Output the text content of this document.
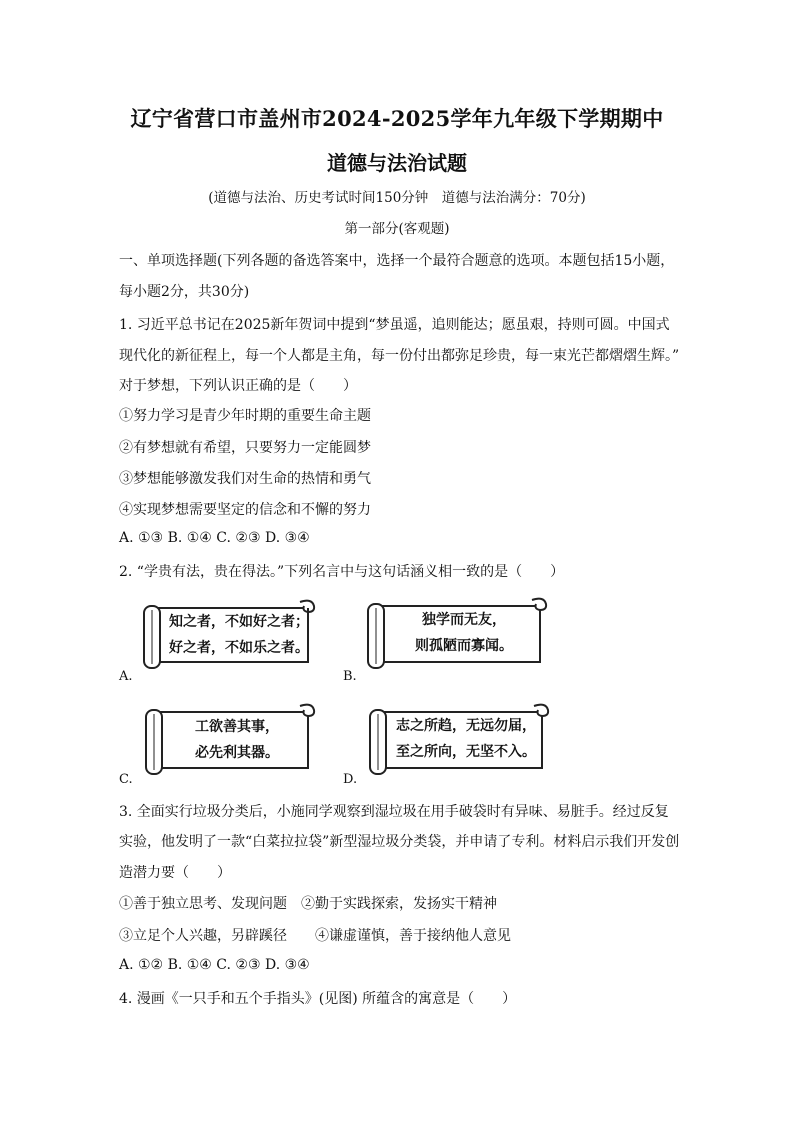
辽宁省营口市盖州市2024-2025学年九年级下学期期中
道德与法治试题
(道德与法治、历史考试时间150分钟　道德与法治满分：70分)
第一部分(客观题)
一、单项选择题(下列各题的备选答案中，选择一个最符合题意的选项。本题包括15小题，
每小题2分，共30分)
1. 习近平总书记在2025新年贺词中提到“梦虽遥，追则能达；愿虽艰，持则可圆。中国式
现代化的新征程上，每一个人都是主角，每一份付出都弥足珍贵，每一束光芒都熠熠生辉。”
对于梦想，下列认识正确的是（　　）
①努力学习是青少年时期的重要生命主题
②有梦想就有希望，只要努力一定能圆梦
③梦想能够激发我们对生命的热情和勇气
④实现梦想需要坚定的信念和不懈的努力
A. ①③ B. ①④ C. ②③ D. ③④
2. “学贵有法，贵在得法。”下列名言中与这句话涵义相一致的是（　　）
知之者，不如好之者；
好之者，不如乐之者。
A.
独学而无友，
则孤陋而寡闻。
B.
工欲善其事，
必先利其器。
C.
志之所趋，无远勿届，
至之所向，无坚不入。
D.
3. 全面实行垃圾分类后，小施同学观察到湿垃圾在用手破袋时有异味、易脏手。经过反复
实验，他发明了一款“白菜拉拉袋”新型湿垃圾分类袋，并申请了专利。材料启示我们开发创
造潜力要（　　）
①善于独立思考、发现问题　②勤于实践探索，发扬实干精神
③立足个人兴趣，另辟蹊径　　④谦虚谨慎，善于接纳他人意见
A. ①② B. ①④ C. ②③ D. ③④
4. 漫画《一只手和五个手指头》(见图) 所蕴含的寓意是（　　）
